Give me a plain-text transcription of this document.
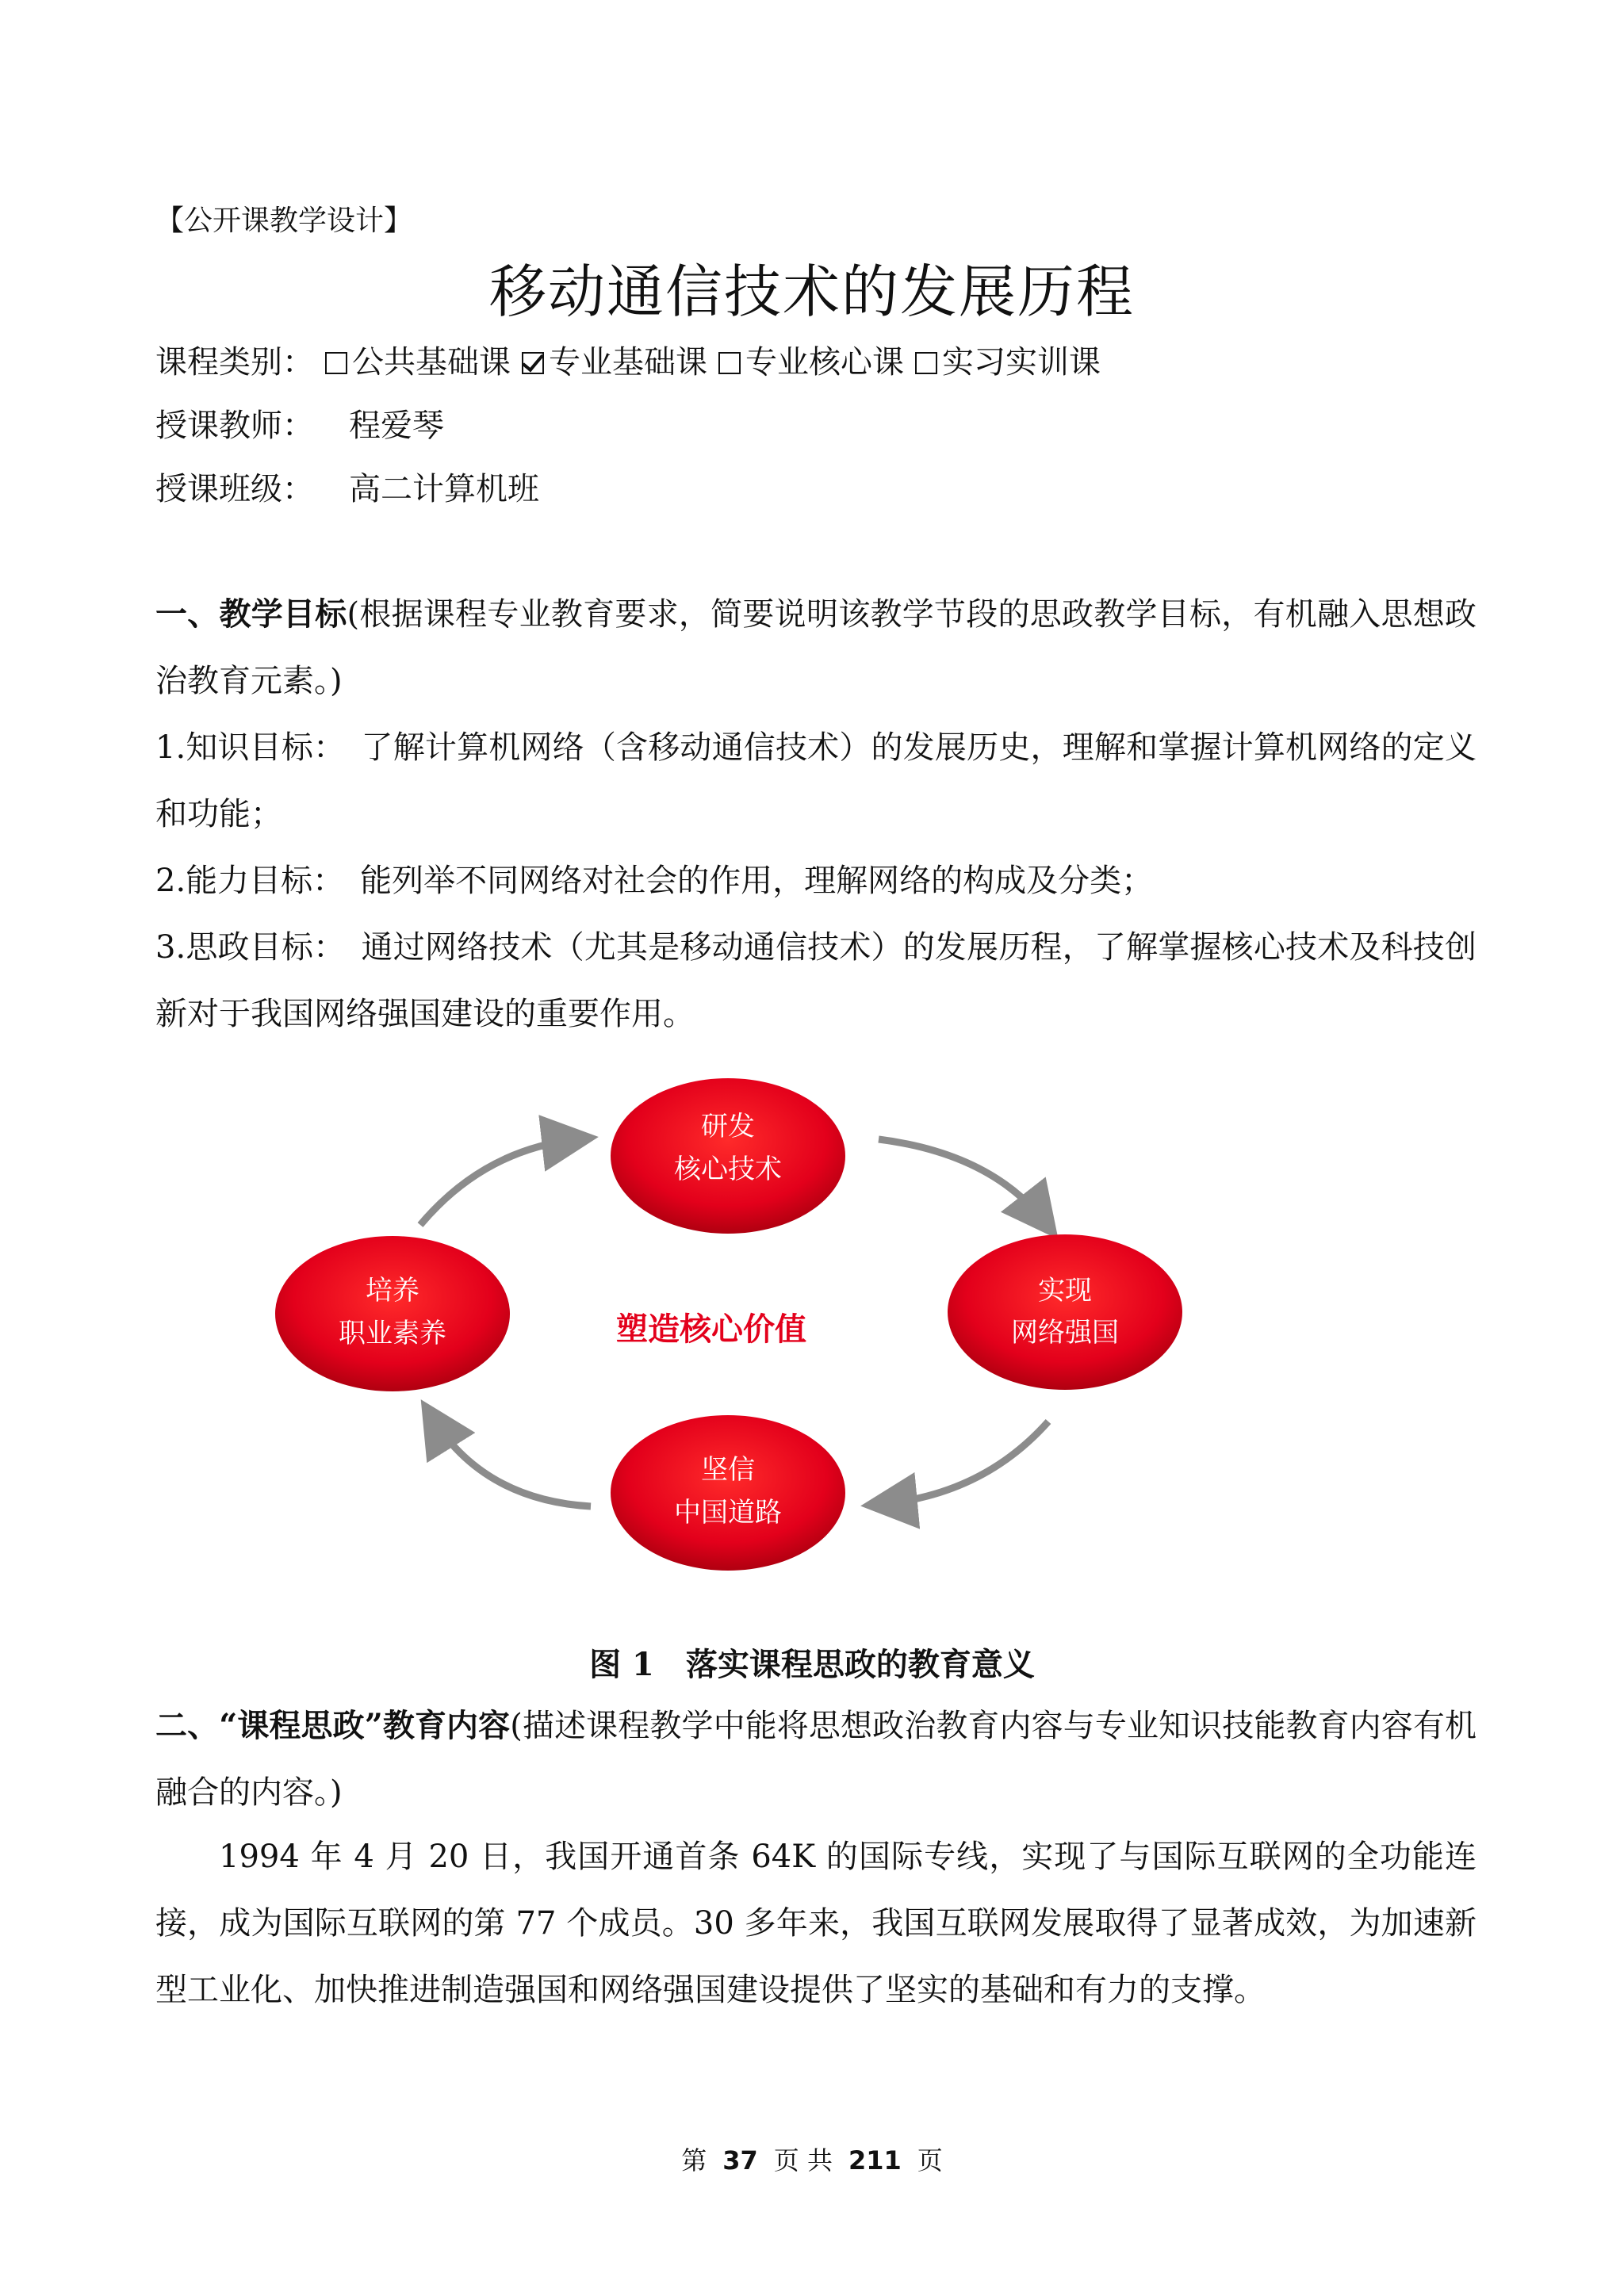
【公开课教学设计】
移动通信技术的发展历程
课程类别： 公共基础课 专业基础课 专业核心课 实习实训课
授课教师： 程爱琴
授课班级： 高二计算机班
一、教学目标(根据课程专业教育要求，简要说明该教学节段的思政教学目标，有机融入思想政治教育元素。)
1.知识目标：　了解计算机网络（含移动通信技术）的发展历史，理解和掌握计算机网络的定义和功能；
2.能力目标：　能列举不同网络对社会的作用，理解网络的构成及分类；
3.思政目标：　通过网络技术（尤其是移动通信技术）的发展历程，了解掌握核心技术及科技创新对于我国网络强国建设的重要作用。
研发
核心技术
实现
网络强国
坚信
中国道路
培养
职业素养	塑造核心价值
图 1　落实课程思政的教育意义
二、“课程思政”教育内容(描述课程教学中能将思想政治教育内容与专业知识技能教育内容有机融合的内容。)
1994 年 4 月 20 日，我国开通首条 64K 的国际专线，实现了与国际互联网的全功能连接，成为国际互联网的第 77 个成员。30 多年来，我国互联网发展取得了显著成效，为加速新型工业化、加快推进制造强国和网络强国建设提供了坚实的基础和有力的支撑。
第 37 页 共 211 页
